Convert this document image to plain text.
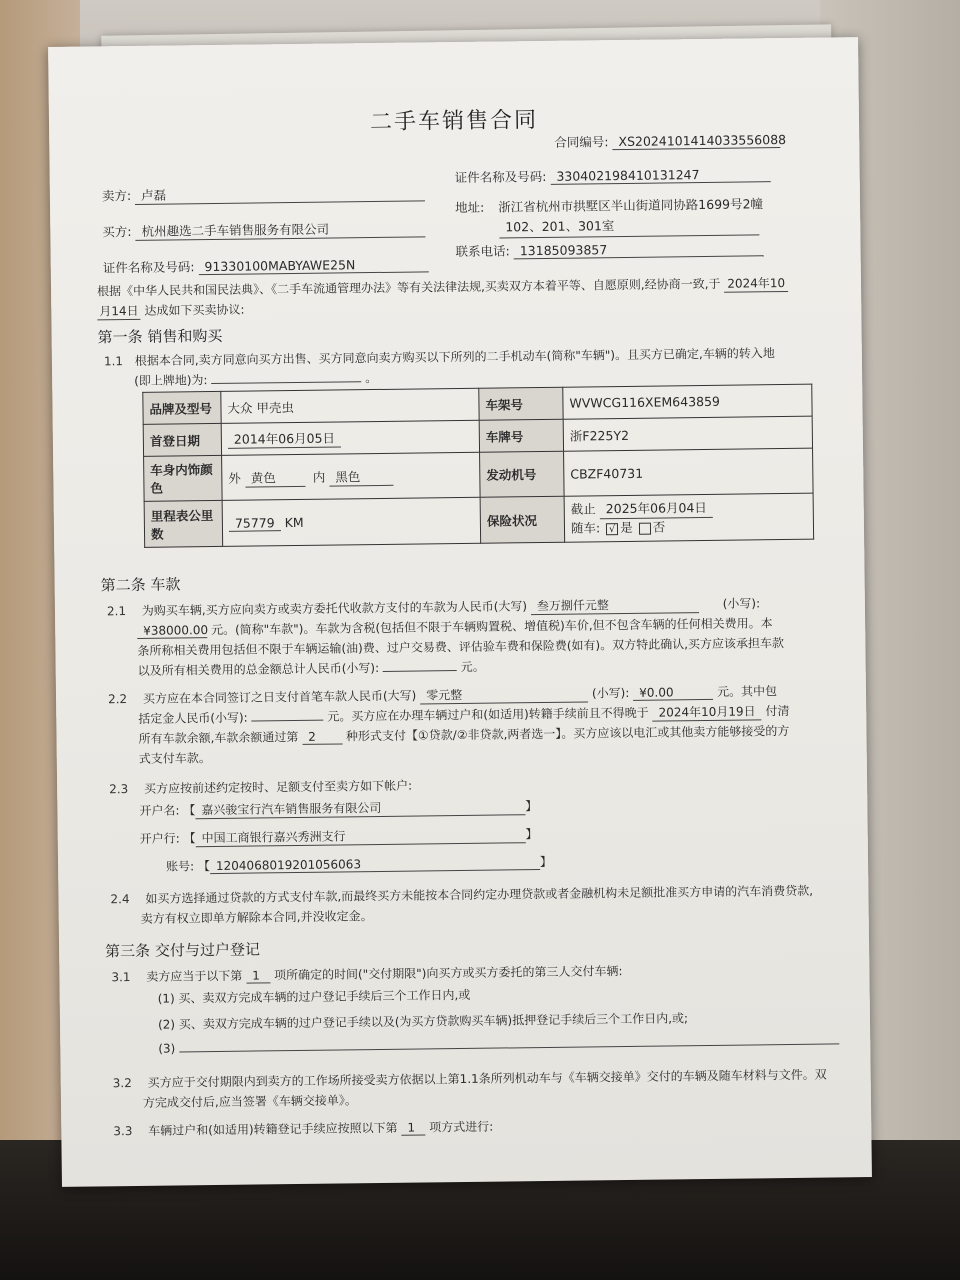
二手车销售合同
合同编号: XS2024101414033556088
卖方: 卢磊
证件名称及号码: 330402198410131247
买方: 杭州趣选二手车销售服务有限公司
地址: 浙江省杭州市拱墅区半山街道同协路1699号2幢
102、201、301室
证件名称及号码: 91330100MABYAWE25N
联系电话: 13185093857
根据《中华人民共和国民法典》、《二手车流通管理办法》等有关法律法规,买卖双方本着平等、自愿原则,经协商一致,于 2024年10
月14日 达成如下买卖协议:
第一条 销售和购买
1.1 根据本合同,卖方同意向买方出售、买方同意向卖方购买以下所列的二手机动车(简称"车辆")。且买方已确定,车辆的转入地
(即上牌地)为:	。
品牌及型号	大众 甲壳虫	车架号	WVWCG116XEM643859
首登日期	2014年06月05日	车牌号	浙F225Y2
车身内饰颜色	外 黄色 内 黑色	发动机号	CBZF40731
里程表公里数	75779 KM	保险状况	截止 2025年06月04日
随车: √ 是 否
第二条 车款
2.1 为购买车辆,买方应向卖方或卖方委托代收款方支付的车款为人民币(大写) 叁万捌仟元整	(小写):
¥38000.00 元。(简称"车款")。车款为含税(包括但不限于车辆购置税、增值税)车价,但不包含车辆的任何相关费用。本
条所称相关费用包括但不限于车辆运输(油)费、过户交易费、评估验车费和保险费(如有)。双方特此确认,买方应该承担车款
以及所有相关费用的总金额总计人民币(小写):	元。
2.2 买方应在本合同签订之日支付首笔车款人民币(大写) 零元整	(小写): ¥0.00	元。其中包
括定金人民币(小写):	元。买方应在办理车辆过户和(如适用)转籍手续前且不得晚于 2024年10月19日 付清
所有车款余额,车款余额通过第 2	种形式支付【①贷款/②非贷款,两者选一】。买方应该以电汇或其他卖方能够接受的方
式支付车款。
2.3 买方应按前述约定按时、足额支付至卖方如下帐户:
开户名: 【 嘉兴骏宝行汽车销售服务有限公司	】
开户行: 【 中国工商银行嘉兴秀洲支行	】
账号: 【 1204068019201056063	】
2.4 如买方选择通过贷款的方式支付车款,而最终买方未能按本合同约定办理贷款或者金融机构未足额批准买方申请的汽车消费贷款,
卖方有权立即单方解除本合同,并没收定金。
第三条 交付与过户登记
3.1 卖方应当于以下第 1 项所确定的时间("交付期限")向买方或买方委托的第三人交付车辆:
(1) 买、卖双方完成车辆的过户登记手续后三个工作日内,或
(2) 买、卖双方完成车辆的过户登记手续以及(为买方贷款购买车辆)抵押登记手续后三个工作日内,或;
(3)
3.2 买方应于交付期限内到卖方的工作场所接受卖方依据以上第1.1条所列机动车与《车辆交接单》交付的车辆及随车材料与文件。双
方完成交付后,应当签署《车辆交接单》。
3.3 车辆过户和(如适用)转籍登记手续应按照以下第 1 项方式进行:
